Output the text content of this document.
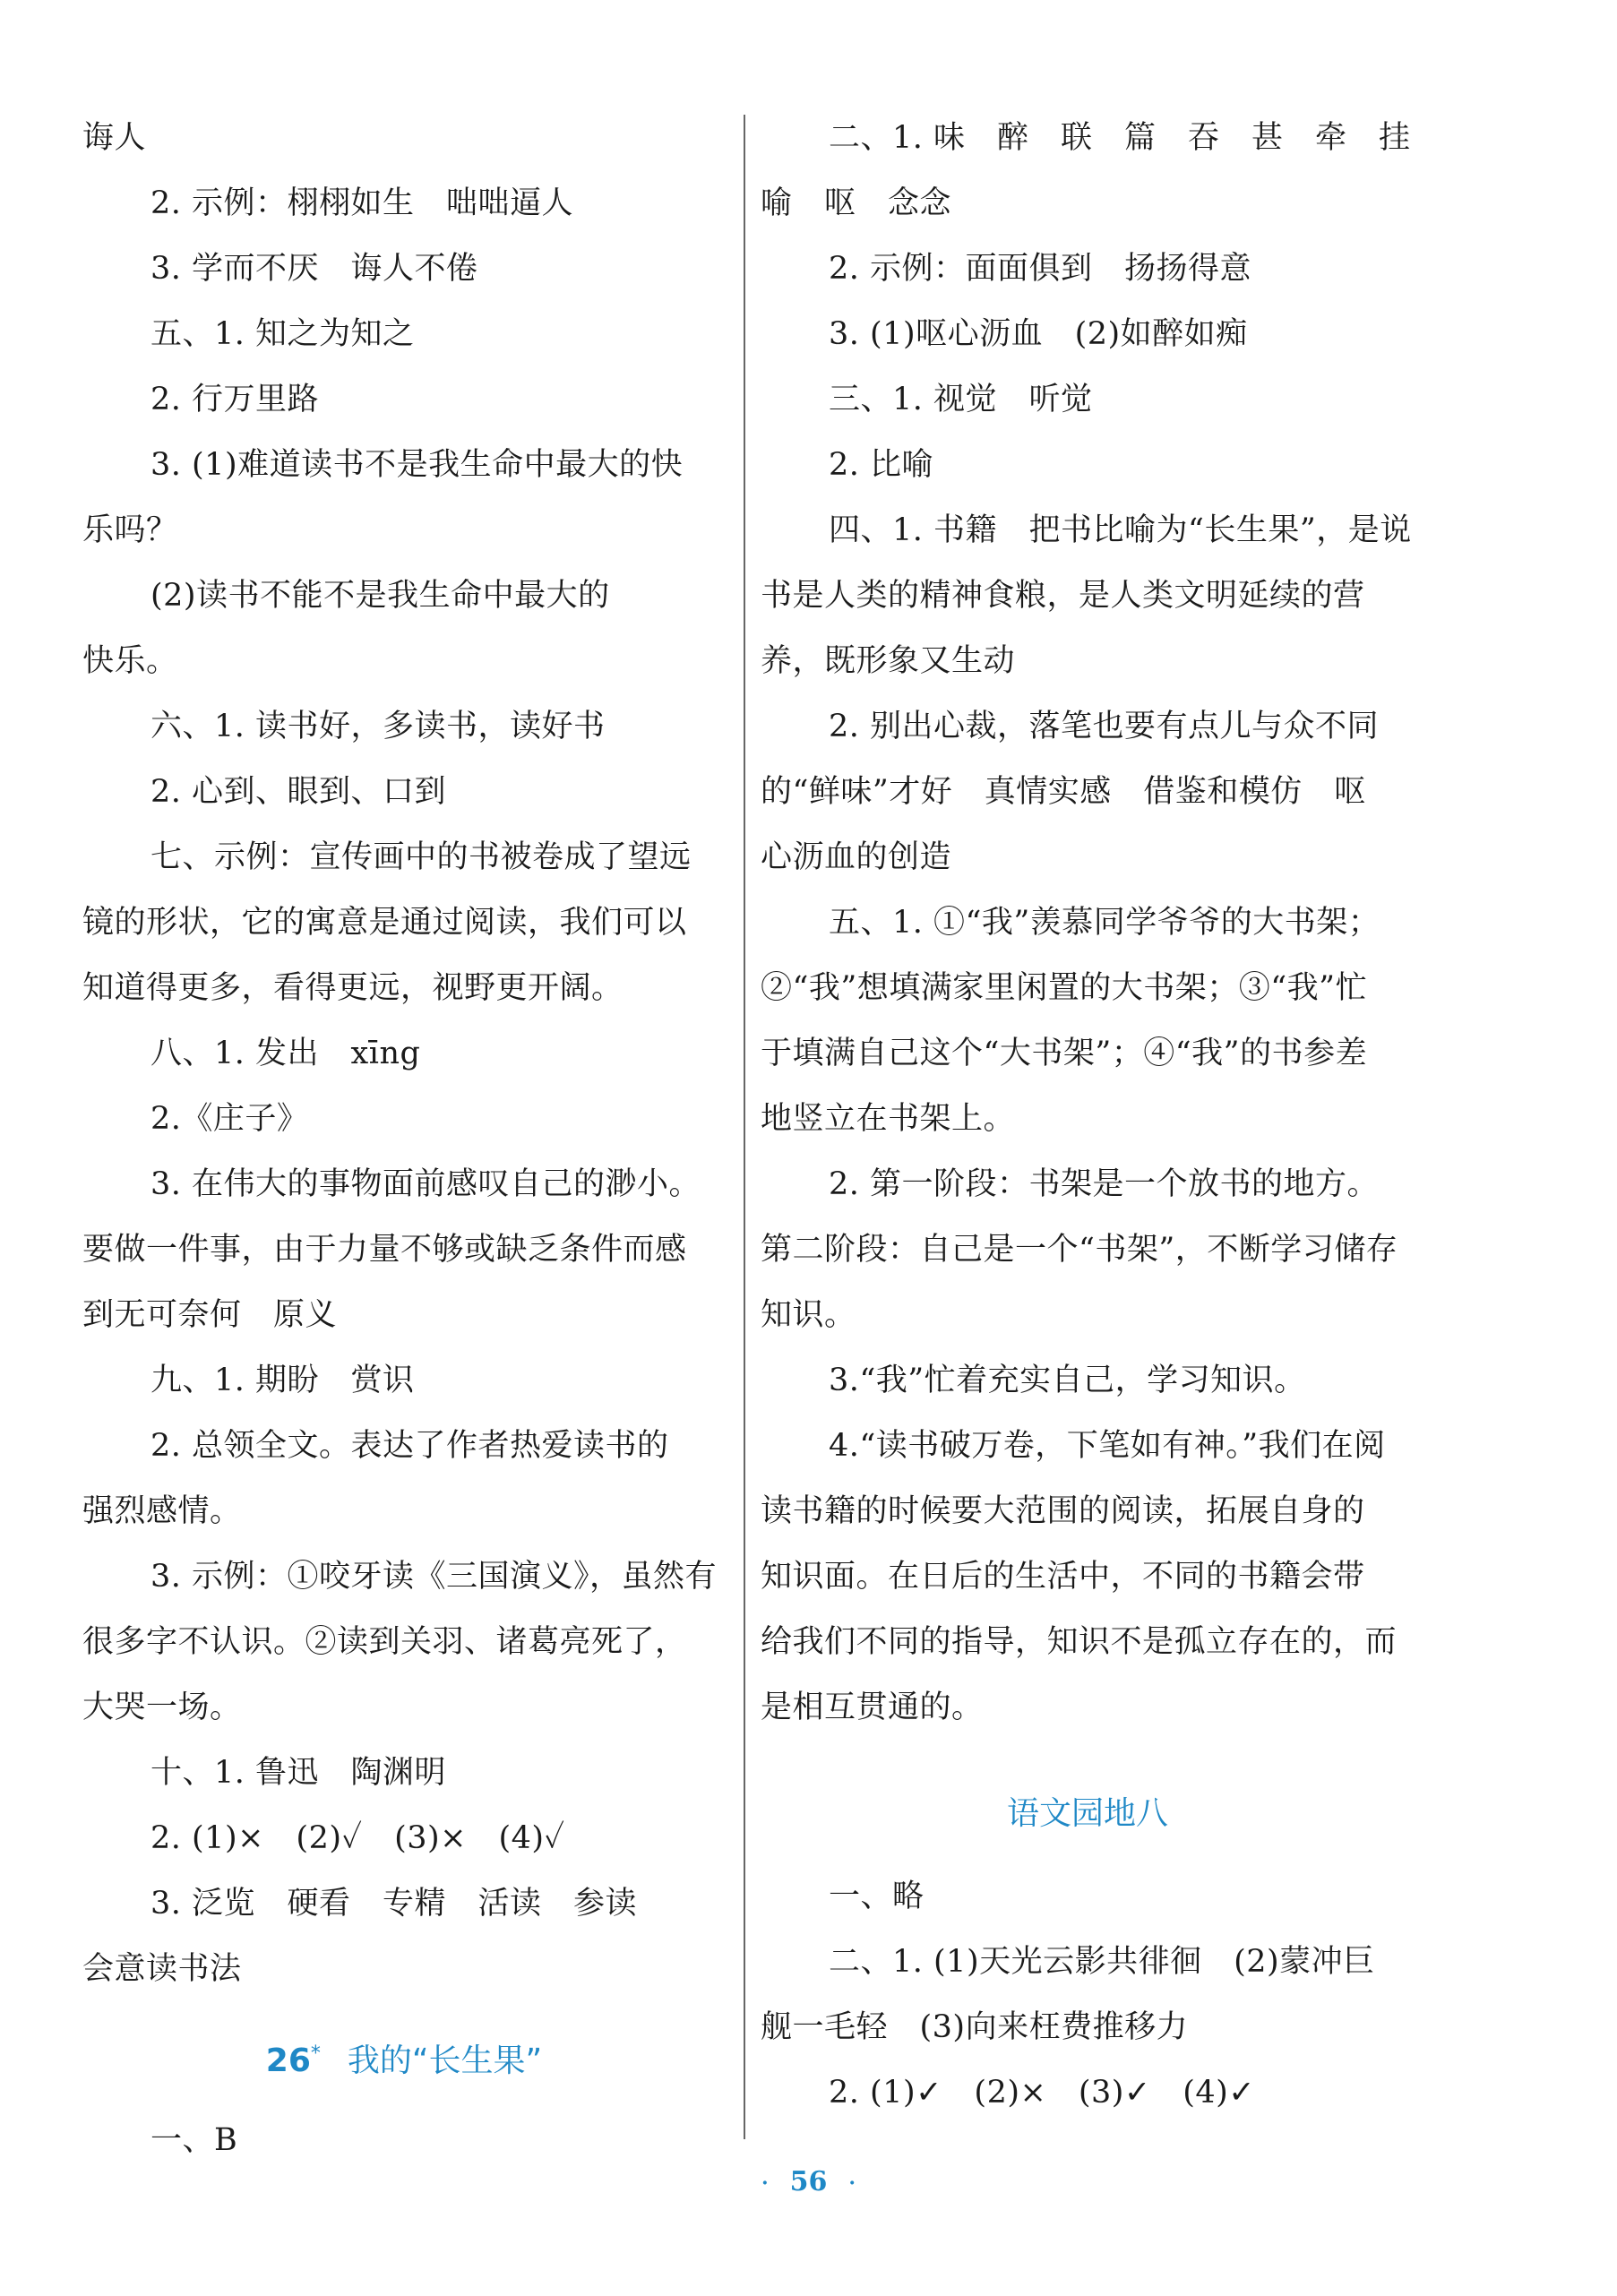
诲人
2. 示例：栩栩如生　咄咄逼人
3. 学而不厌　诲人不倦
五、1. 知之为知之
2. 行万里路
3. (1)难道读书不是我生命中最大的快
乐吗？
(2)读书不能不是我生命中最大的
快乐。
六、1. 读书好，多读书，读好书
2. 心到、眼到、口到
七、示例：宣传画中的书被卷成了望远
镜的形状，它的寓意是通过阅读，我们可以
知道得更多，看得更远，视野更开阔。
八、1. 发出　xīng
2.《庄子》
3. 在伟大的事物面前感叹自己的渺小。
要做一件事，由于力量不够或缺乏条件而感
到无可奈何　原义
九、1. 期盼　赏识
2. 总领全文。表达了作者热爱读书的
强烈感情。
3. 示例：①咬牙读《三国演义》，虽然有
很多字不认识。②读到关羽、诸葛亮死了，
大哭一场。
十、1. 鲁迅　陶渊明
2. (1)×　(2)✓　(3)×　(4)✓
3. 泛览　硬看　专精　活读　参读
会意读书法
26* 我的“长生果”
一、B
二、1. 味　醉　联　篇　吞　甚　牵　挂
喻　呕　念念
2. 示例：面面俱到　扬扬得意
3. (1)呕心沥血　(2)如醉如痴
三、1. 视觉　听觉
2. 比喻
四、1. 书籍　把书比喻为“长生果”，是说
书是人类的精神食粮，是人类文明延续的营
养，既形象又生动
2. 别出心裁，落笔也要有点儿与众不同
的“鲜味”才好　真情实感　借鉴和模仿　呕
心沥血的创造
五、1. ①“我”羡慕同学爷爷的大书架；
②“我”想填满家里闲置的大书架；③“我”忙
于填满自己这个“大书架”；④“我”的书参差
地竖立在书架上。
2. 第一阶段：书架是一个放书的地方。
第二阶段：自己是一个“书架”，不断学习储存
知识。
3.“我”忙着充实自己，学习知识。
4.“读书破万卷，下笔如有神。”我们在阅
读书籍的时候要大范围的阅读，拓展自身的
知识面。在日后的生活中，不同的书籍会带
给我们不同的指导，知识不是孤立存在的，而
是相互贯通的。
语文园地八
一、略
二、1. (1)天光云影共徘徊　(2)蒙冲巨
舰一毛轻　(3)向来枉费推移力
2. (1)✓　(2)×　(3)✓　(4)✓
· 56 ·
